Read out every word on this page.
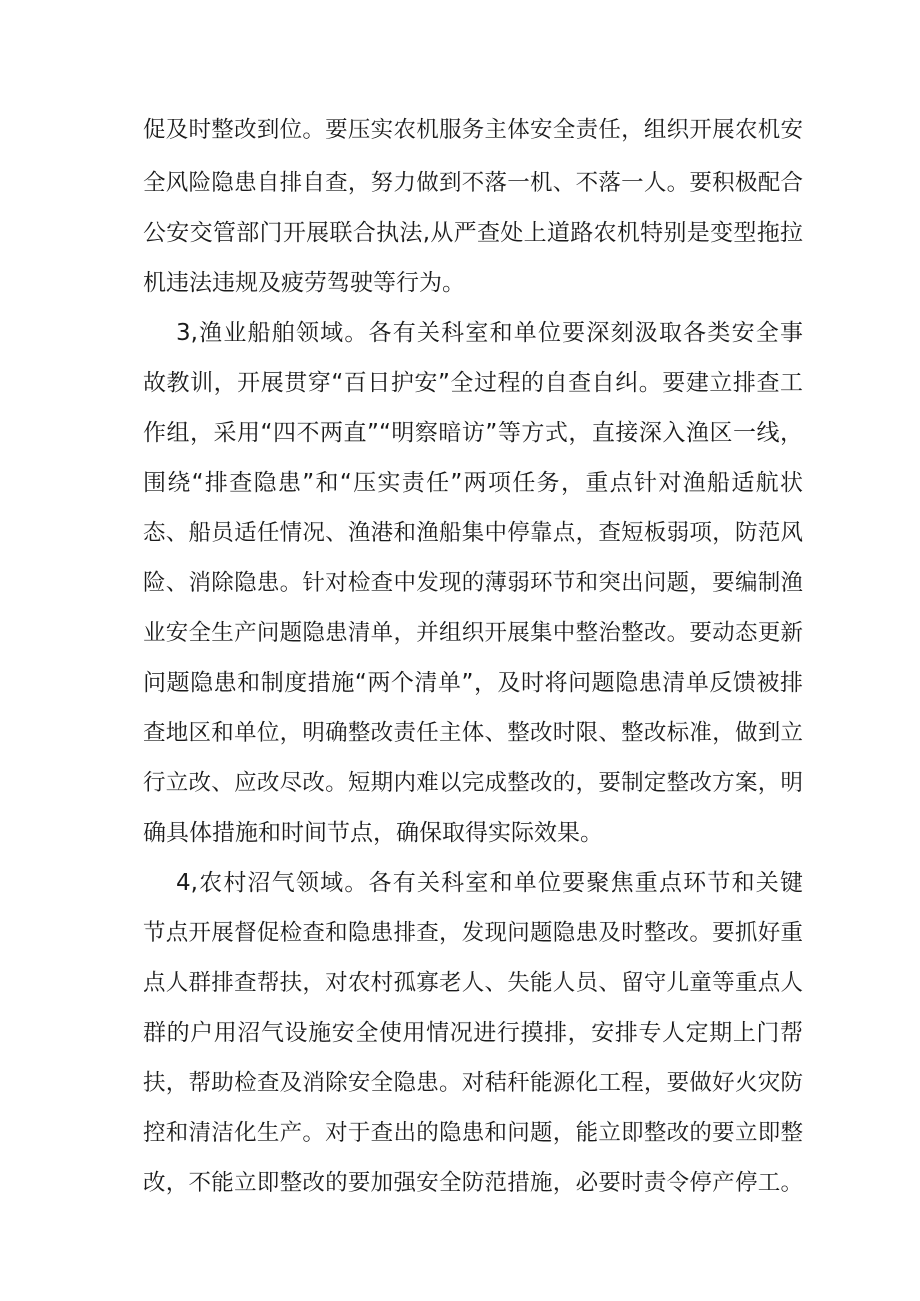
促及时整改到位。要压实农机服务主体安全责任，组织开展农机安
全风险隐患自排自查，努力做到不落一机、不落一人。要积极配合
公安交管部门开展联合执法,从严查处上道路农机特别是变型拖拉
机违法违规及疲劳驾驶等行为。
3,渔业船舶领域。各有关科室和单位要深刻汲取各类安全事
故教训，开展贯穿“百日护安”全过程的自查自纠。要建立排查工
作组，采用“四不两直”“明察暗访”等方式，直接深入渔区一线，
围绕“排查隐患”和“压实责任”两项任务，重点针对渔船适航状
态、船员适任情况、渔港和渔船集中停靠点，查短板弱项，防范风
险、消除隐患。针对检查中发现的薄弱环节和突出问题，要编制渔
业安全生产问题隐患清单，并组织开展集中整治整改。要动态更新
问题隐患和制度措施“两个清单”，及时将问题隐患清单反馈被排
查地区和单位，明确整改责任主体、整改时限、整改标准，做到立
行立改、应改尽改。短期内难以完成整改的，要制定整改方案，明
确具体措施和时间节点，确保取得实际效果。
4,农村沼气领域。各有关科室和单位要聚焦重点环节和关键
节点开展督促检查和隐患排查，发现问题隐患及时整改。要抓好重
点人群排查帮扶，对农村孤寡老人、失能人员、留守儿童等重点人
群的户用沼气设施安全使用情况进行摸排，安排专人定期上门帮
扶，帮助检查及消除安全隐患。对秸秆能源化工程，要做好火灾防
控和清洁化生产。对于查出的隐患和问题，能立即整改的要立即整
改，不能立即整改的要加强安全防范措施，必要时责令停产停工。
